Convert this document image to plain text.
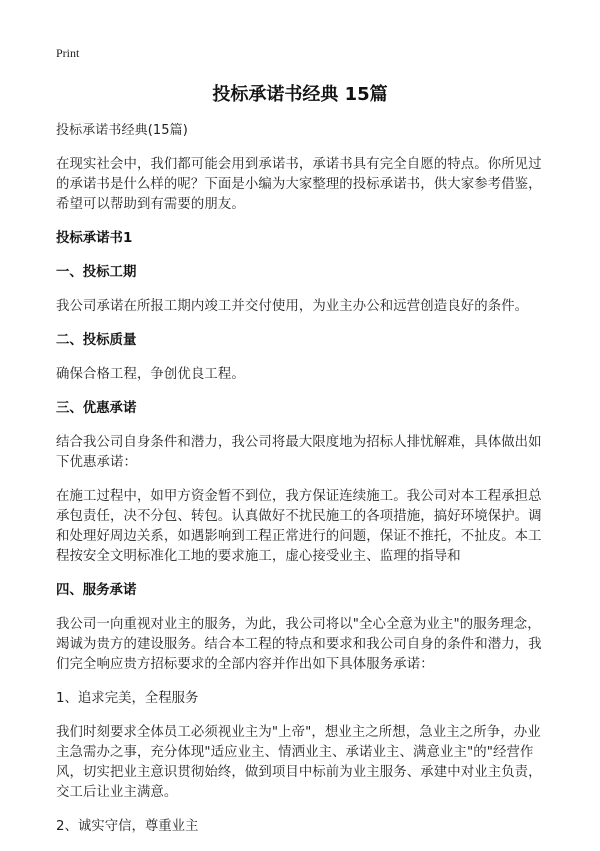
Print
投标承诺书经典 15篇
投标承诺书经典(15篇)
在现实社会中，我们都可能会用到承诺书，承诺书具有完全自愿的特点。你所见过的承诺书是什么样的呢？下面是小编为大家整理的投标承诺书，供大家参考借鉴，希望可以帮助到有需要的朋友。
投标承诺书1
一、投标工期
我公司承诺在所报工期内竣工并交付使用，为业主办公和远营创造良好的条件。
二、投标质量
确保合格工程，争创优良工程。
三、优惠承诺
结合我公司自身条件和潜力，我公司将最大限度地为招标人排忧解难，具体做出如下优惠承诺：
在施工过程中，如甲方资金暂不到位，我方保证连续施工。我公司对本工程承担总承包责任，决不分包、转包。认真做好不扰民施工的各项措施，搞好环境保护。调和处理好周边关系，如遇影响到工程正常进行的问题，保证不推托，不扯皮。本工程按安全文明标准化工地的要求施工，虚心接受业主、监理的指导和
四、服务承诺
我公司一向重视对业主的服务，为此，我公司将以"全心全意为业主"的服务理念，竭诚为贵方的建设服务。结合本工程的特点和要求和我公司自身的条件和潜力，我们完全响应贵方招标要求的全部内容并作出如下具体服务承诺：
1、追求完美，全程服务
我们时刻要求全体员工必须视业主为"上帝"，想业主之所想，急业主之所争，办业主急需办之事，充分体现"适应业主、情洒业主、承诺业主、满意业主"的"经营作风，切实把业主意识贯彻始终，做到项目中标前为业主服务、承建中对业主负责，交工后让业主满意。
2、诚实守信，尊重业主
